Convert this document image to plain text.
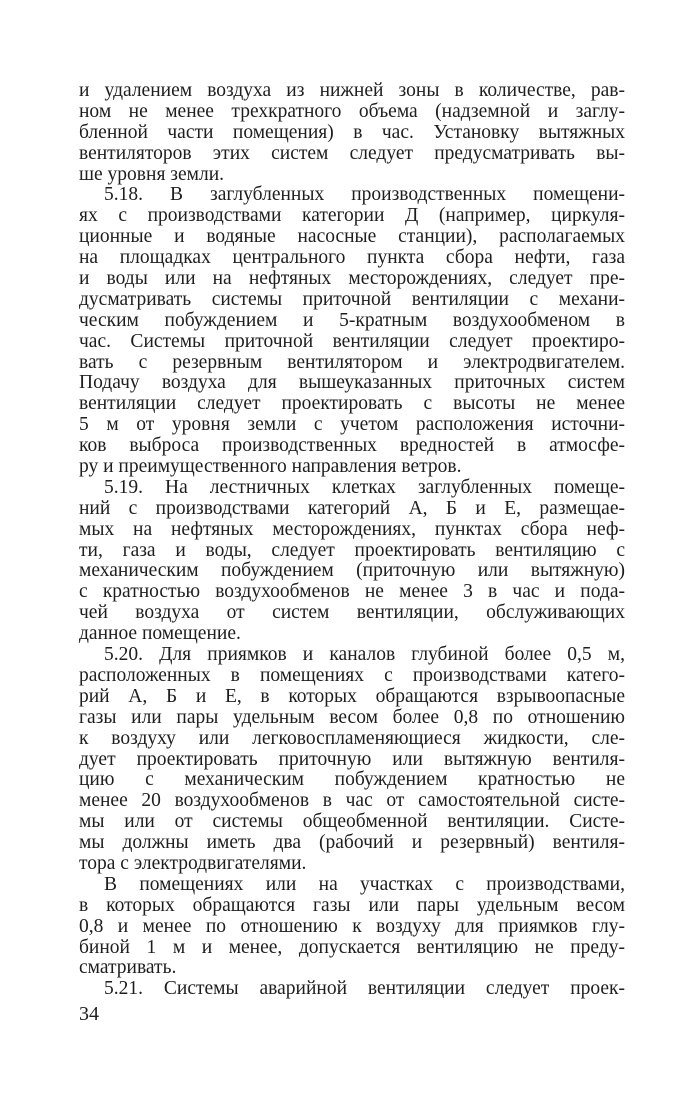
и удалением воздуха из нижней зоны в количестве, рав-
ном не менее трехкратного объема (надземной и заглу-
бленной части помещения) в час. Установку вытяжных
вентиляторов этих систем следует предусматривать вы-
ше уровня земли.
5.18. В заглубленных производственных помещени-
ях с производствами категории Д (например, циркуля-
ционные и водяные насосные станции), располагаемых
на площадках центрального пункта сбора нефти, газа
и воды или на нефтяных месторождениях, следует пре-
дусматривать системы приточной вентиляции с механи-
ческим побуждением и 5-кратным воздухообменом в
час. Системы приточной вентиляции следует проектиро-
вать с резервным вентилятором и электродвигателем.
Подачу воздуха для вышеуказанных приточных систем
вентиляции следует проектировать с высоты не менее
5 м от уровня земли с учетом расположения источни-
ков выброса производственных вредностей в атмосфе-
ру и преимущественного направления ветров.
5.19. На лестничных клетках заглубленных помеще-
ний с производствами категорий А, Б и Е, размещае-
мых на нефтяных месторождениях, пунктах сбора неф-
ти, газа и воды, следует проектировать вентиляцию с
механическим побуждением (приточную или вытяжную)
с кратностью воздухообменов не менее 3 в час и пода-
чей воздуха от систем вентиляции, обслуживающих
данное помещение.
5.20. Для приямков и каналов глубиной более 0,5 м,
расположенных в помещениях с производствами катего-
рий А, Б и Е, в которых обращаются взрывоопасные
газы или пары удельным весом более 0,8 по отношению
к воздуху или легковоспламеняющиеся жидкости, сле-
дует проектировать приточную или вытяжную вентиля-
цию с механическим побуждением кратностью не
менее 20 воздухообменов в час от самостоятельной систе-
мы или от системы общеобменной вентиляции. Систе-
мы должны иметь два (рабочий и резервный) вентиля-
тора с электродвигателями.
В помещениях или на участках с производствами,
в которых обращаются газы или пары удельным весом
0,8 и менее по отношению к воздуху для приямков глу-
биной 1 м и менее, допускается вентиляцию не преду-
сматривать.
5.21. Системы аварийной вентиляции следует проек-
34
